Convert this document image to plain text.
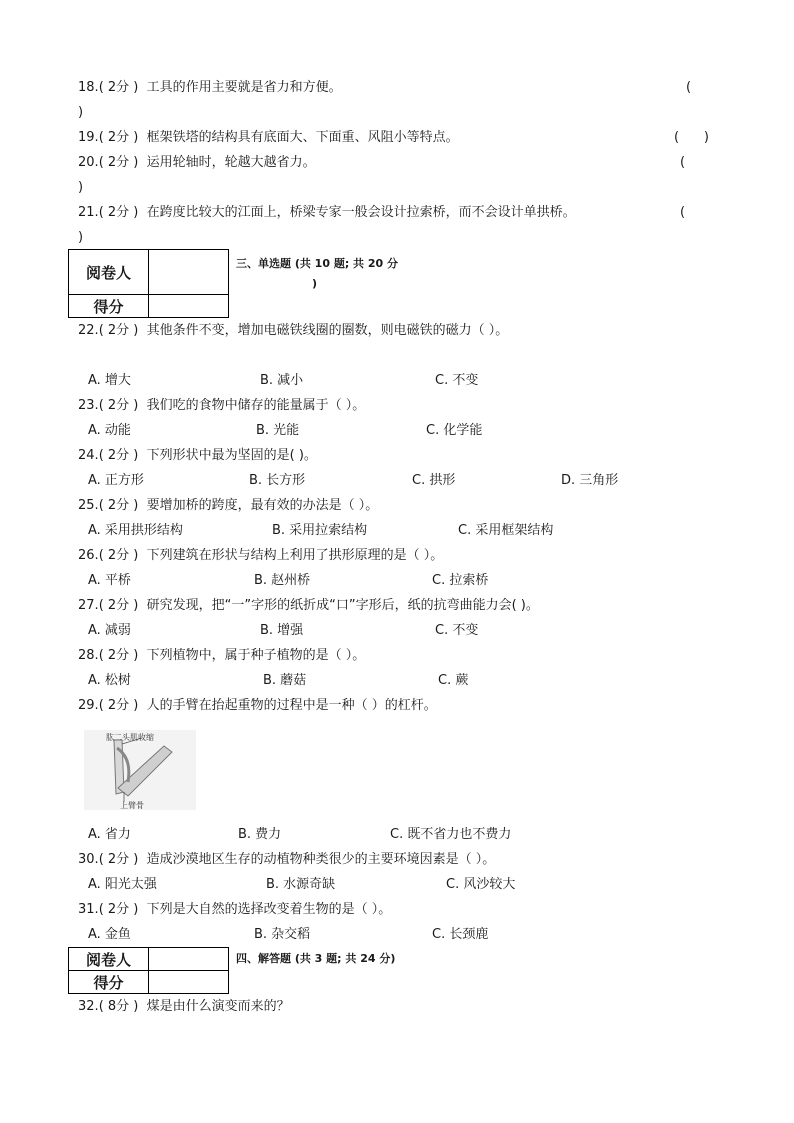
18.( 2分 ) 工具的作用主要就是省力和方便。	(
)
19.( 2分 ) 框架铁塔的结构具有底面大、下面重、风阻小等特点。	(      )
20.( 2分 ) 运用轮轴时，轮越大越省力。	(
)
21.( 2分 ) 在跨度比较大的江面上，桥梁专家一般会设计拉索桥，而不会设计单拱桥。	(
)
阅卷人	
得分	
三、单选题 (共 10 题; 共 20 分
)
22.( 2分 ) 其他条件不变，增加电磁铁线圈的圈数，则电磁铁的磁力（ ）。
A. 增大	B. 减小	C. 不变
23.( 2分 ) 我们吃的食物中储存的能量属于（ ）。
A. 动能	B. 光能	C. 化学能
24.( 2分 ) 下列形状中最为坚固的是( )。
A. 正方形	B. 长方形	C. 拱形	D. 三角形
25.( 2分 ) 要增加桥的跨度，最有效的办法是（ ）。
A. 采用拱形结构	B. 采用拉索结构	C. 采用框架结构
26.( 2分 ) 下列建筑在形状与结构上利用了拱形原理的是（ ）。
A. 平桥	B. 赵州桥	C. 拉索桥
27.( 2分 ) 研究发现，把“一”字形的纸折成“口”字形后，纸的抗弯曲能力会( )。
A. 减弱	B. 增强	C. 不变
28.( 2分 ) 下列植物中，属于种子植物的是（ ）。
A. 松树	B. 蘑菇	C. 蕨
29.( 2分 ) 人的手臂在抬起重物的过程中是一种（ ）的杠杆。
肱二头肌收缩
上臂骨
A. 省力	B. 费力	C. 既不省力也不费力
30.( 2分 ) 造成沙漠地区生存的动植物种类很少的主要环境因素是（ ）。
A. 阳光太强	B. 水源奇缺	C. 风沙较大
31.( 2分 ) 下列是大自然的选择改变着生物的是（ ）。
A. 金鱼	B. 杂交稻	C. 长颈鹿
阅卷人	
得分	
四、解答题 (共 3 题; 共 24 分)
32.( 8分 ) 煤是由什么演变而来的？
